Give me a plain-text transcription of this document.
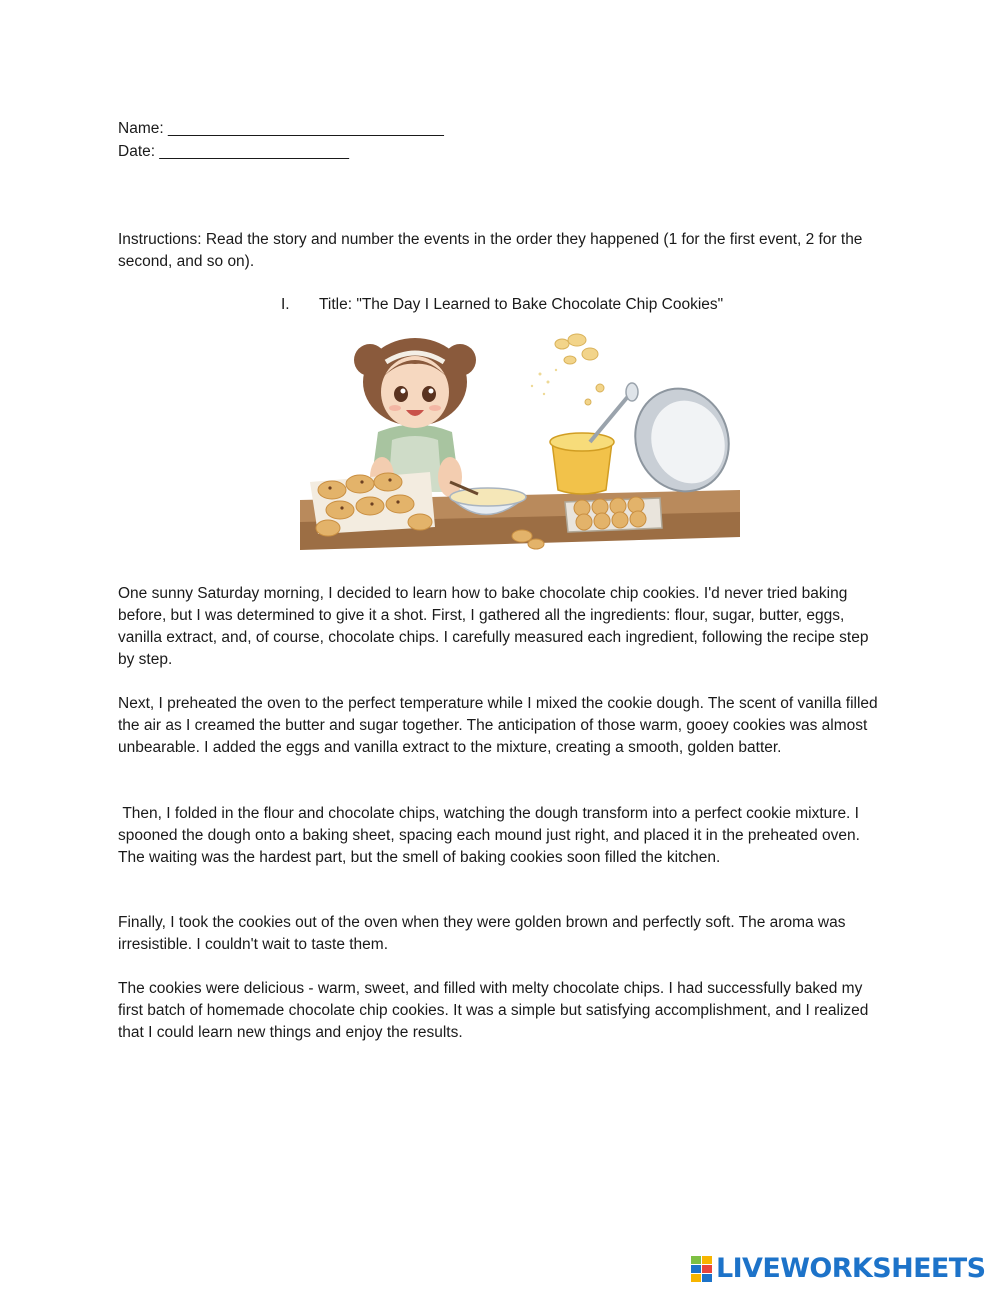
Name: ________________________________
Date: ______________________
Instructions: Read the story and number the events in the order they happened (1 for the first event, 2 for the second, and so on).
I. Title: "The Day I Learned to Bake Chocolate Chip Cookies"
One sunny Saturday morning, I decided to learn how to bake chocolate chip cookies. I'd never tried baking before, but I was determined to give it a shot. First, I gathered all the ingredients: flour, sugar, butter, eggs, vanilla extract, and, of course, chocolate chips. I carefully measured each ingredient, following the recipe step by step.
Next, I preheated the oven to the perfect temperature while I mixed the cookie dough. The scent of vanilla filled the air as I creamed the butter and sugar together. The anticipation of those warm, gooey cookies was almost unbearable. I added the eggs and vanilla extract to the mixture, creating a smooth, golden batter.
Then, I folded in the flour and chocolate chips, watching the dough transform into a perfect cookie mixture. I spooned the dough onto a baking sheet, spacing each mound just right, and placed it in the preheated oven. The waiting was the hardest part, but the smell of baking cookies soon filled the kitchen.
Finally, I took the cookies out of the oven when they were golden brown and perfectly soft. The aroma was irresistible. I couldn't wait to taste them.
The cookies were delicious - warm, sweet, and filled with melty chocolate chips. I had successfully baked my first batch of homemade chocolate chip cookies. It was a simple but satisfying accomplishment, and I realized that I could learn new things and enjoy the results.
LIVEWORKSHEETS
